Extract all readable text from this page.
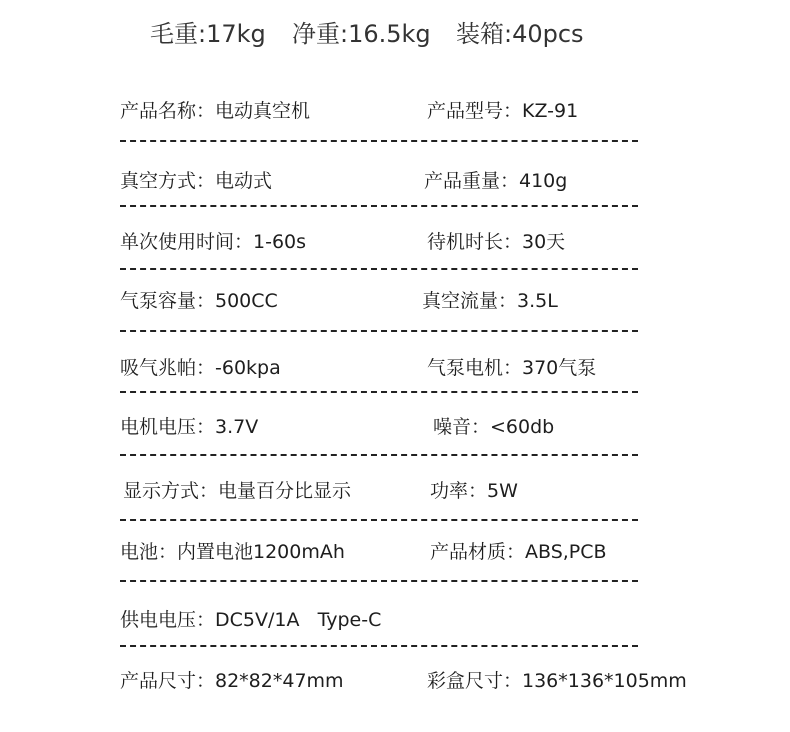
毛重:17kg 净重:16.5kg 装箱:40pcs
产品名称：电动真空机	产品型号：KZ-91
真空方式：电动式	产品重量：410g
单次使用时间：1-60s	待机时长：30天
气泵容量：500CC	真空流量：3.5L
吸气兆帕：-60kpa	气泵电机：370气泵
电机电压：3.7V	噪音：<60db
显示方式：电量百分比显示	功率：5W
电池：内置电池1200mAh	产品材质：ABS,PCB
供电电压：DC5V/1A   Type-C
产品尺寸：82*82*47mm	彩盒尺寸：136*136*105mm
